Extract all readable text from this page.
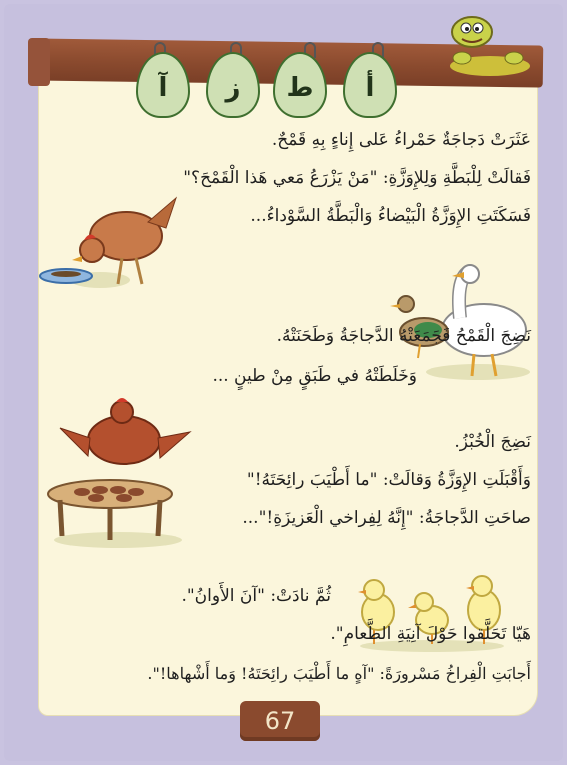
أ
ط
ز
آ
عَثَرَتْ دَجاجَةٌ حَمْراءُ عَلى إِناءٍ بِهِ قَمْحٌ.
فَقالَتْ لِلْبَطَّةِ وَلِلإِوَزَّةِ: "مَنْ يَزْرَعُ مَعي هَذا الْقَمْحَ؟"
فَسَكَتَتِ الإِوَزَّةُ الْبَيْضاءُ وَالْبَطَّةُ السَّوْداءُ...
نَضِجَ الْقَمْحُ فَجَمَعَتْهُ الدَّجاجَةُ وَطَحَنَتْهُ.
وَخَلَطَتْهُ في طَبَقٍ مِنْ طينٍ ...
نَضِجَ الْخُبْزُ.
وَأَقْبَلَتِ الإِوَزَّةُ وَقالَتْ: "ما أَطْيَبَ رائِحَتَهُ!"
صاحَتِ الدَّجاجَةُ: "إِنَّهُ لِفِراخي الْعَزيزَةِ!"...
ثُمَّ نادَتْ: "آنَ الأَوانُ".
هَيّا تَحَلَّقوا حَوْلَ آنِيَةِ الطَّعامِ".
أَجابَتِ الْفِراخُ مَسْرورَةً: "آهٍ ما أَطْيَبَ رائِحَتَهُ! وَما أَشْهاها!".
67
